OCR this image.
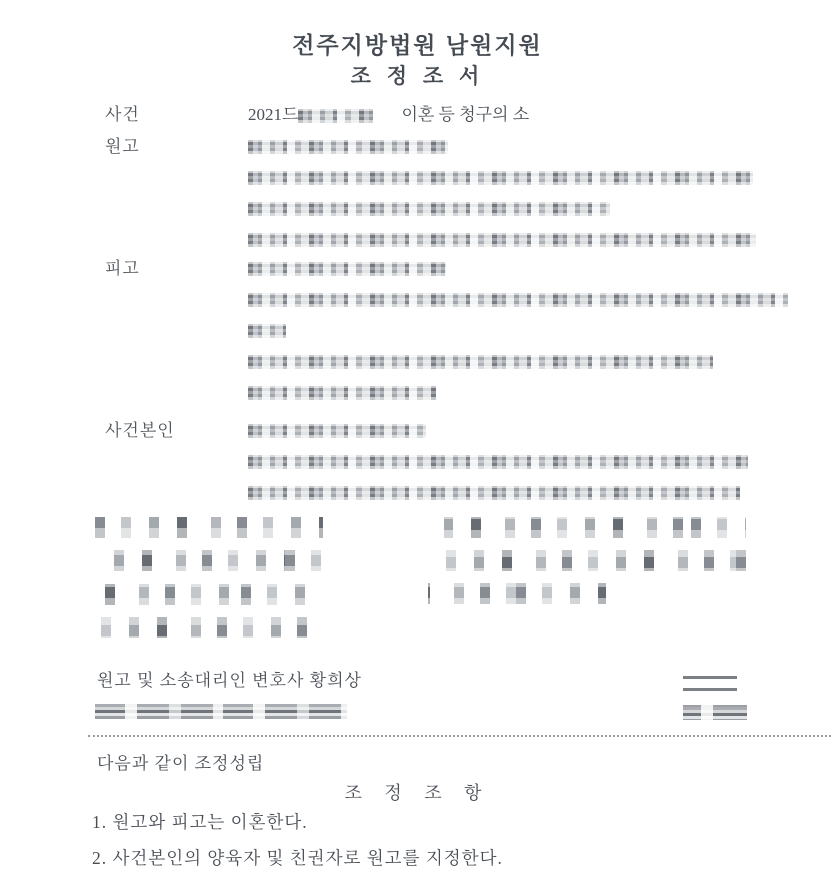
전주지방법원 남원지원
조 정 조 서
사건	2021드	이혼 등 청구의 소
원고
피고
사건본인
원고 및 소송대리인 변호사 황희상
다음과 같이 조정성립
조 정 조 항
1. 원고와 피고는 이혼한다.
2. 사건본인의 양육자 및 친권자로 원고를 지정한다.
